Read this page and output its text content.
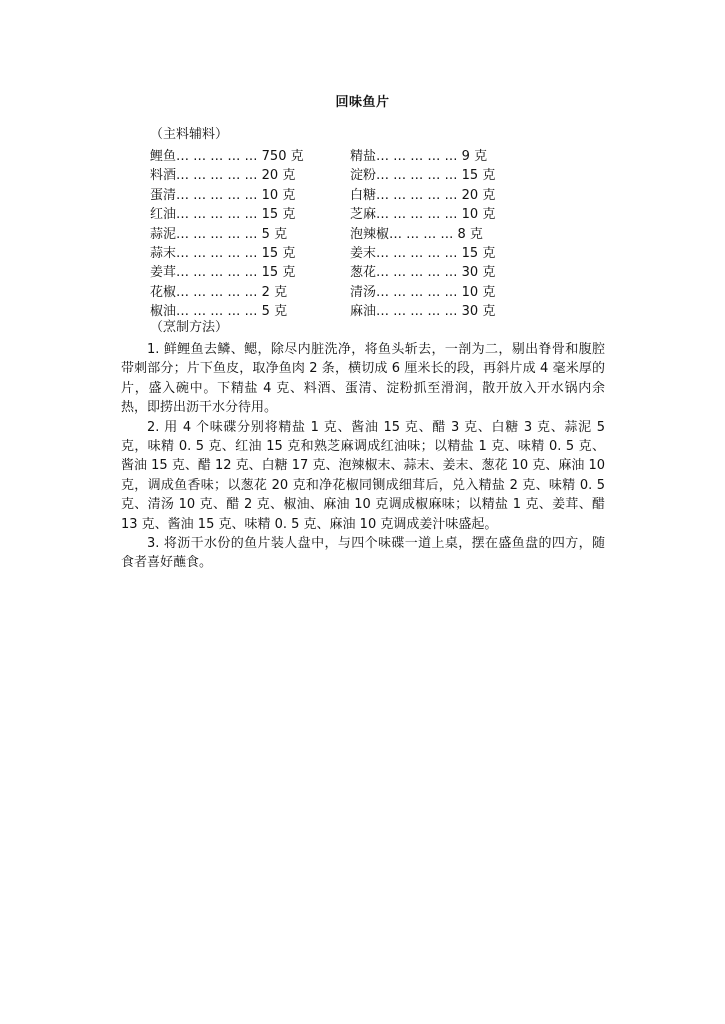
回味鱼片
（主料辅料）
鲤鱼… … … … … 750 克
料酒… … … … … 20 克
蛋清… … … … … 10 克
红油… … … … … 15 克
蒜泥… … … … … 5 克
蒜末… … … … … 15 克
姜茸… … … … … 15 克
花椒… … … … … 2 克
椒油… … … … … 5 克
精盐… … … … … 9 克
淀粉… … … … … 15 克
白糖… … … … … 20 克
芝麻… … … … … 10 克
泡辣椒… … … … 8 克
姜末… … … … … 15 克
葱花… … … … … 30 克
清汤… … … … … 10 克
麻油… … … … … 30 克
（烹制方法）

1. 鲜鲤鱼去鳞、鳃，除尽内脏洗净，将鱼头斩去，一剖为二，剔出脊骨和腹腔带刺部分；片下鱼皮，取净鱼肉 2 条，横切成 6 厘米长的段，再斜片成 4 毫米厚的片，盛入碗中。下精盐 4 克、料酒、蛋清、淀粉抓至滑润，散开放入开水锅内余热，即捞出沥干水分待用。

2. 用 4 个味碟分别将精盐 1 克、酱油 15 克、醋 3 克、白糖 3 克、蒜泥 5 克，味精 0. 5 克、红油 15 克和熟芝麻调成红油味；以精盐 1 克、味精 0. 5 克、酱油 15 克、醋 12 克、白糖 17 克、泡辣椒末、蒜末、姜末、葱花 10 克、麻油 10 克，调成鱼香味；以葱花 20 克和净花椒同铡成细茸后，兑入精盐 2 克、味精 0. 5 克、清汤 10 克、醋 2 克、椒油、麻油 10 克调成椒麻味；以精盐 1 克、姜茸、醋 13 克、酱油 15 克、味精 0. 5 克、麻油 10 克调成姜汁味盛起。

3. 将沥干水份的鱼片装人盘中，与四个味碟一道上桌，摆在盛鱼盘的四方，随食者喜好蘸食。
